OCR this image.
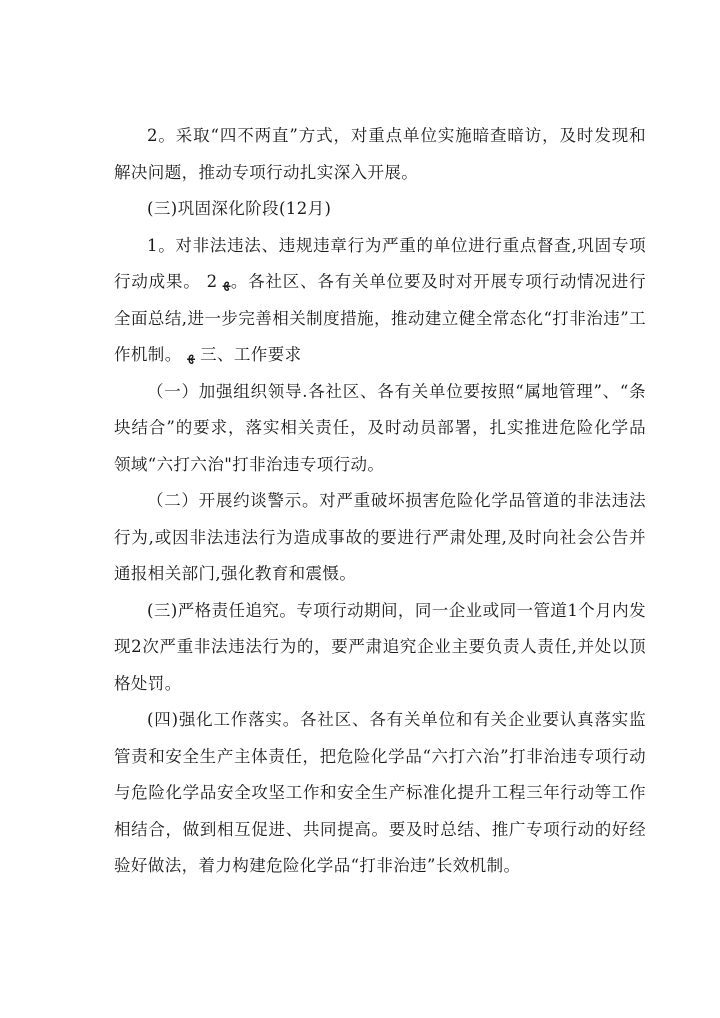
2。采取“四不两直”方式，对重点单位实施暗查暗访，及时发现和解决问题，推动专项行动扎实深入开展。

(三)巩固深化阶段(12月)

1。对非法违法、违规违章行为严重的单位进行重点督查,巩固专项行动成果。 ﻬ 2。各社区、各有关单位要及时对开展专项行动情况进行全面总结,进一步完善相关制度措施，推动建立健全常态化“打非治违”工作机制。 ﻬ 三、工作要求

（一）加强组织领导.各社区、各有关单位要按照“属地管理”、“条块结合”的要求，落实相关责任，及时动员部署，扎实推进危险化学品领域“六打六治"打非治违专项行动。

（二）开展约谈警示。对严重破坏损害危险化学品管道的非法违法行为,或因非法违法行为造成事故的要进行严肃处理,及时向社会公告并通报相关部门,强化教育和震慑。

(三)严格责任追究。专项行动期间，同一企业或同一管道1个月内发现2次严重非法违法行为的，要严肃追究企业主要负责人责任,并处以顶格处罚。

(四)强化工作落实。各社区、各有关单位和有关企业要认真落实监管责和安全生产主体责任，把危险化学品“六打六治”打非治违专项行动与危险化学品安全攻坚工作和安全生产标准化提升工程三年行动等工作相结合，做到相互促进、共同提高。要及时总结、推广专项行动的好经验好做法，着力构建危险化学品“打非治违”长效机制。
